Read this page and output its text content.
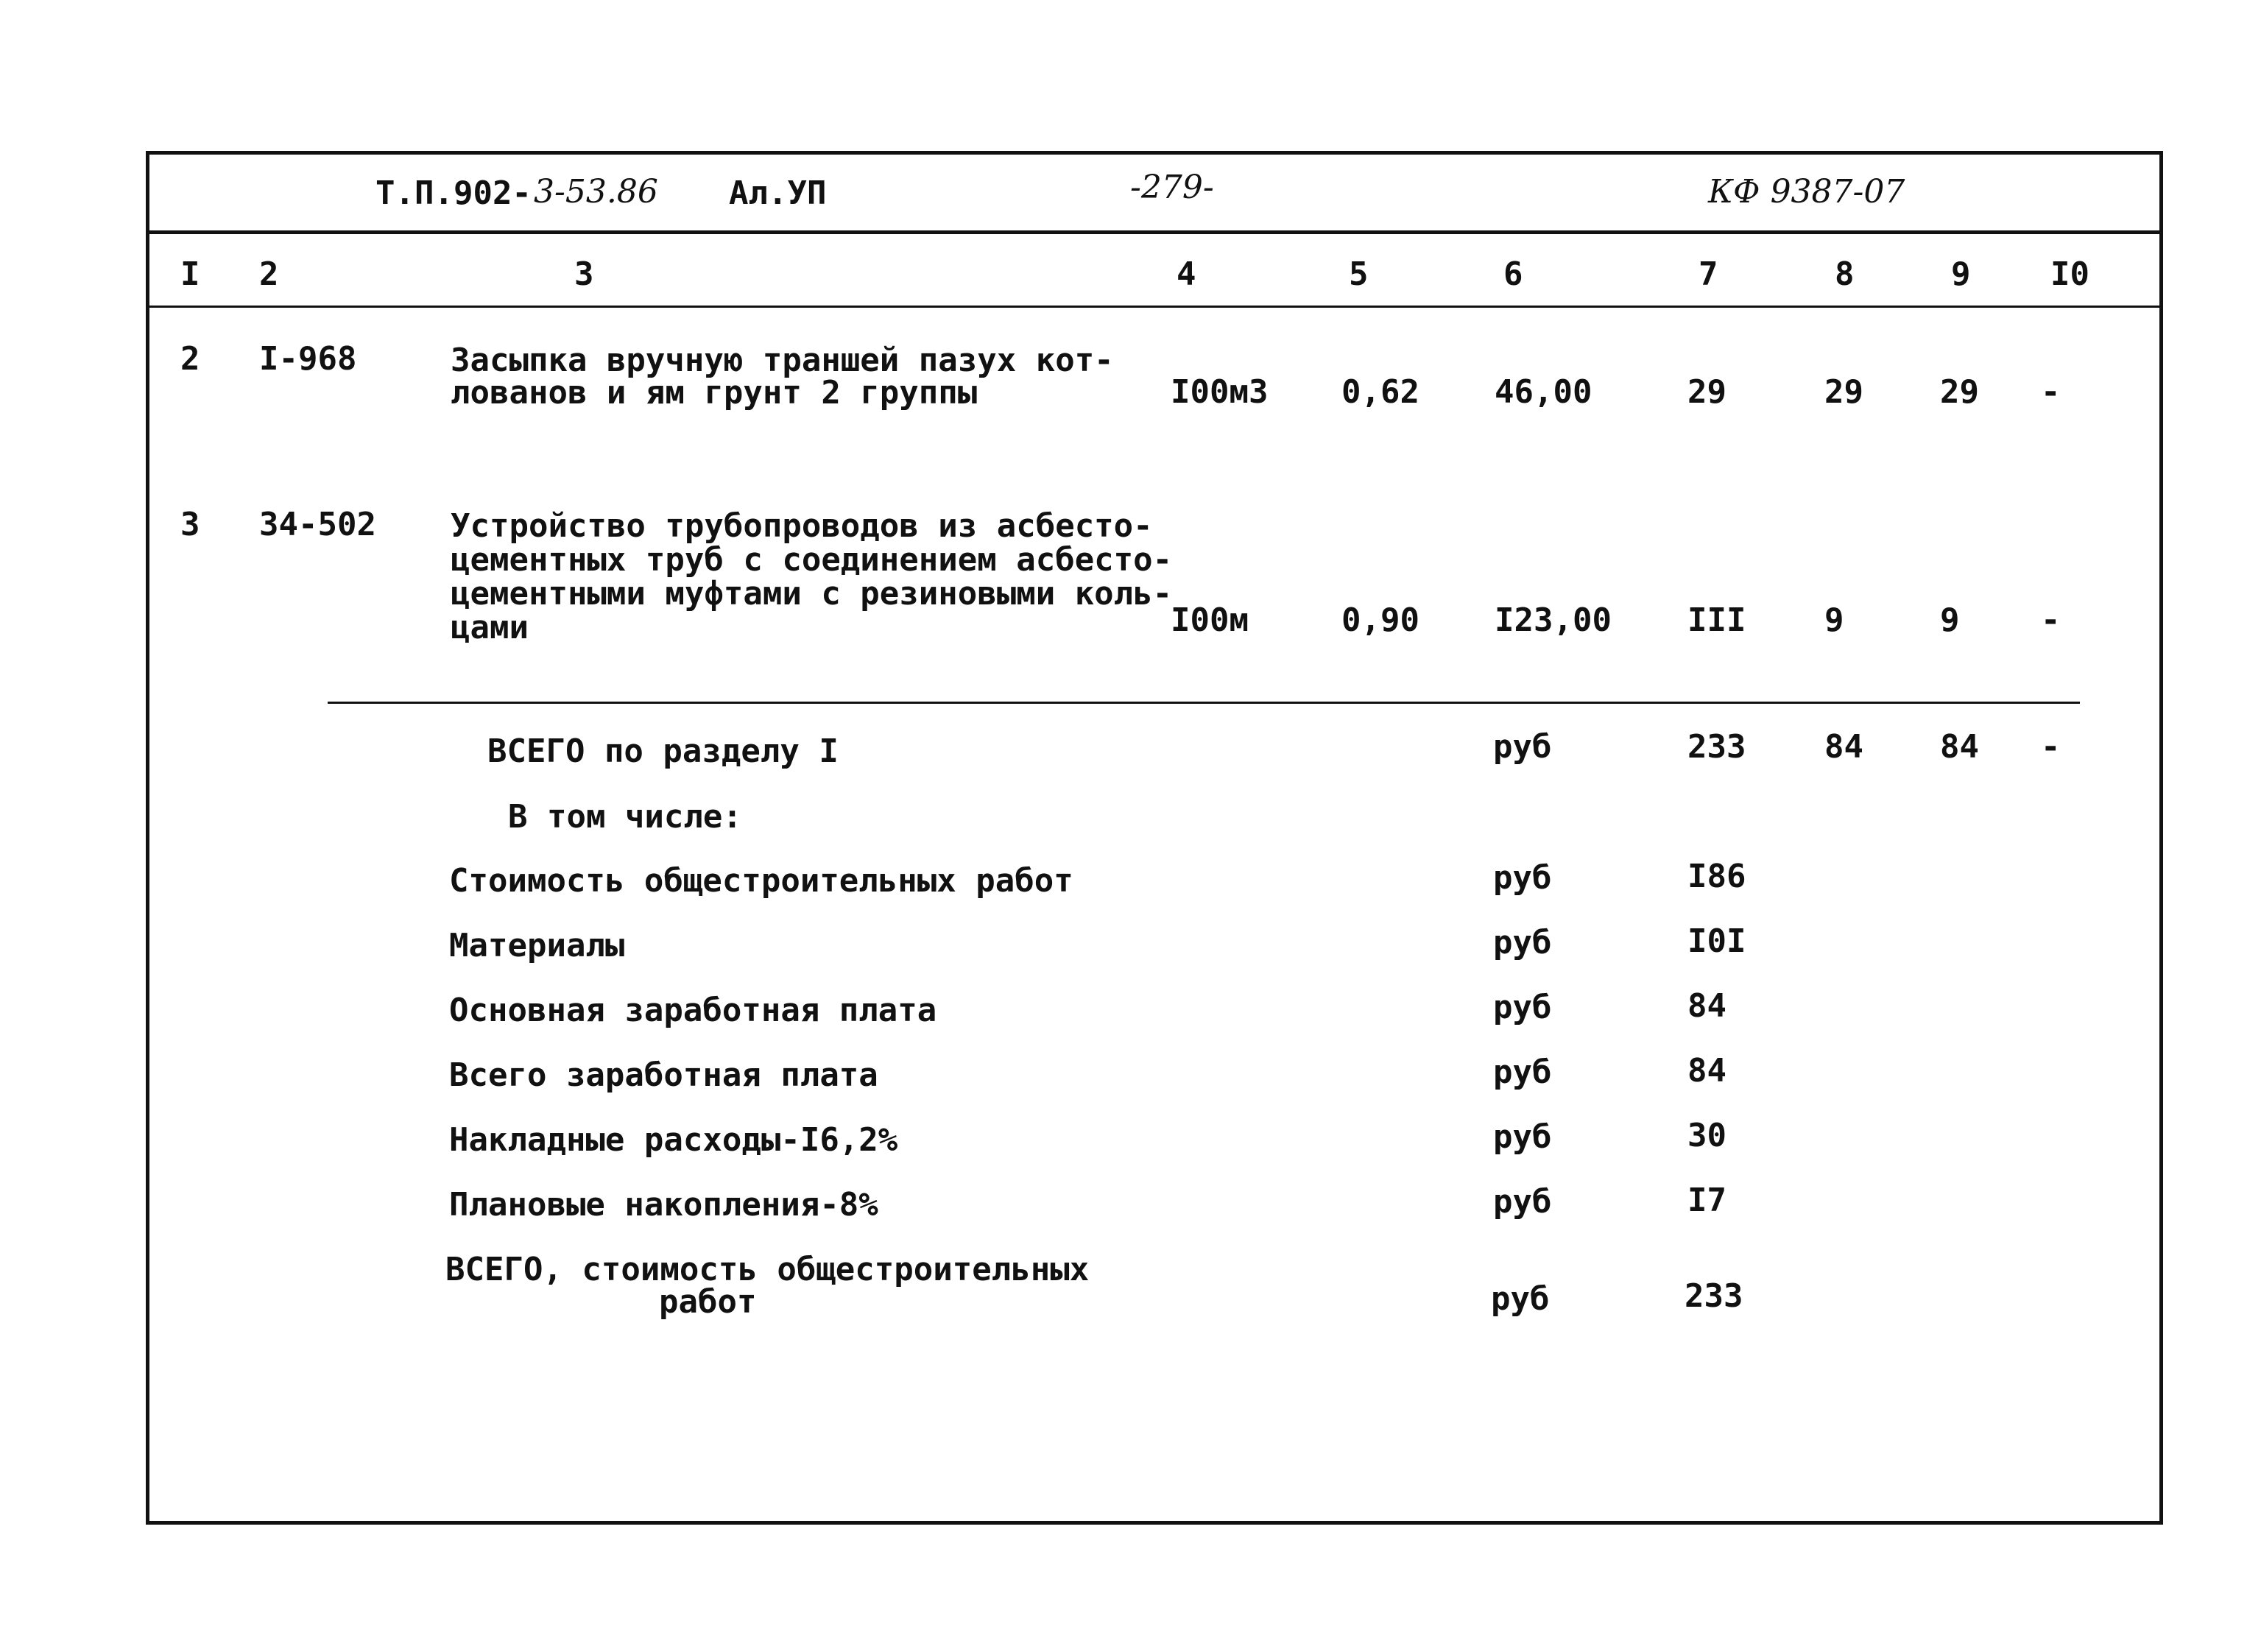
Т.П.902- 3-53.86 Ал.УП	-279-	КФ 9387-07
I 2	3	4	5	6	7	8	9 I0
2 I-968	Засыпка вручную траншей пазух кот-
лованов и ям грунт 2 группы	I00м3 0,62 46,00	29	29 29 -
3 34-502 Устройство трубопроводов из асбесто-
цементных труб с соединением асбесто-
цементными муфтами с резиновыми коль-
цами	I00м	0,90 I23,00 III 9	9	-
ВСЕГО по разделу I	руб	233 84 84 -
В том числе:
Стоимость общестроительных работ	руб	I86
Материалы	руб	I0I
Основная заработная плата	руб	84
Всего заработная плата	руб	84
Накладные расходы-I6,2%	руб	30
Плановые накопления-8%	руб	I7
ВСЕГО, стоимость общестроительных
работ	руб	233
